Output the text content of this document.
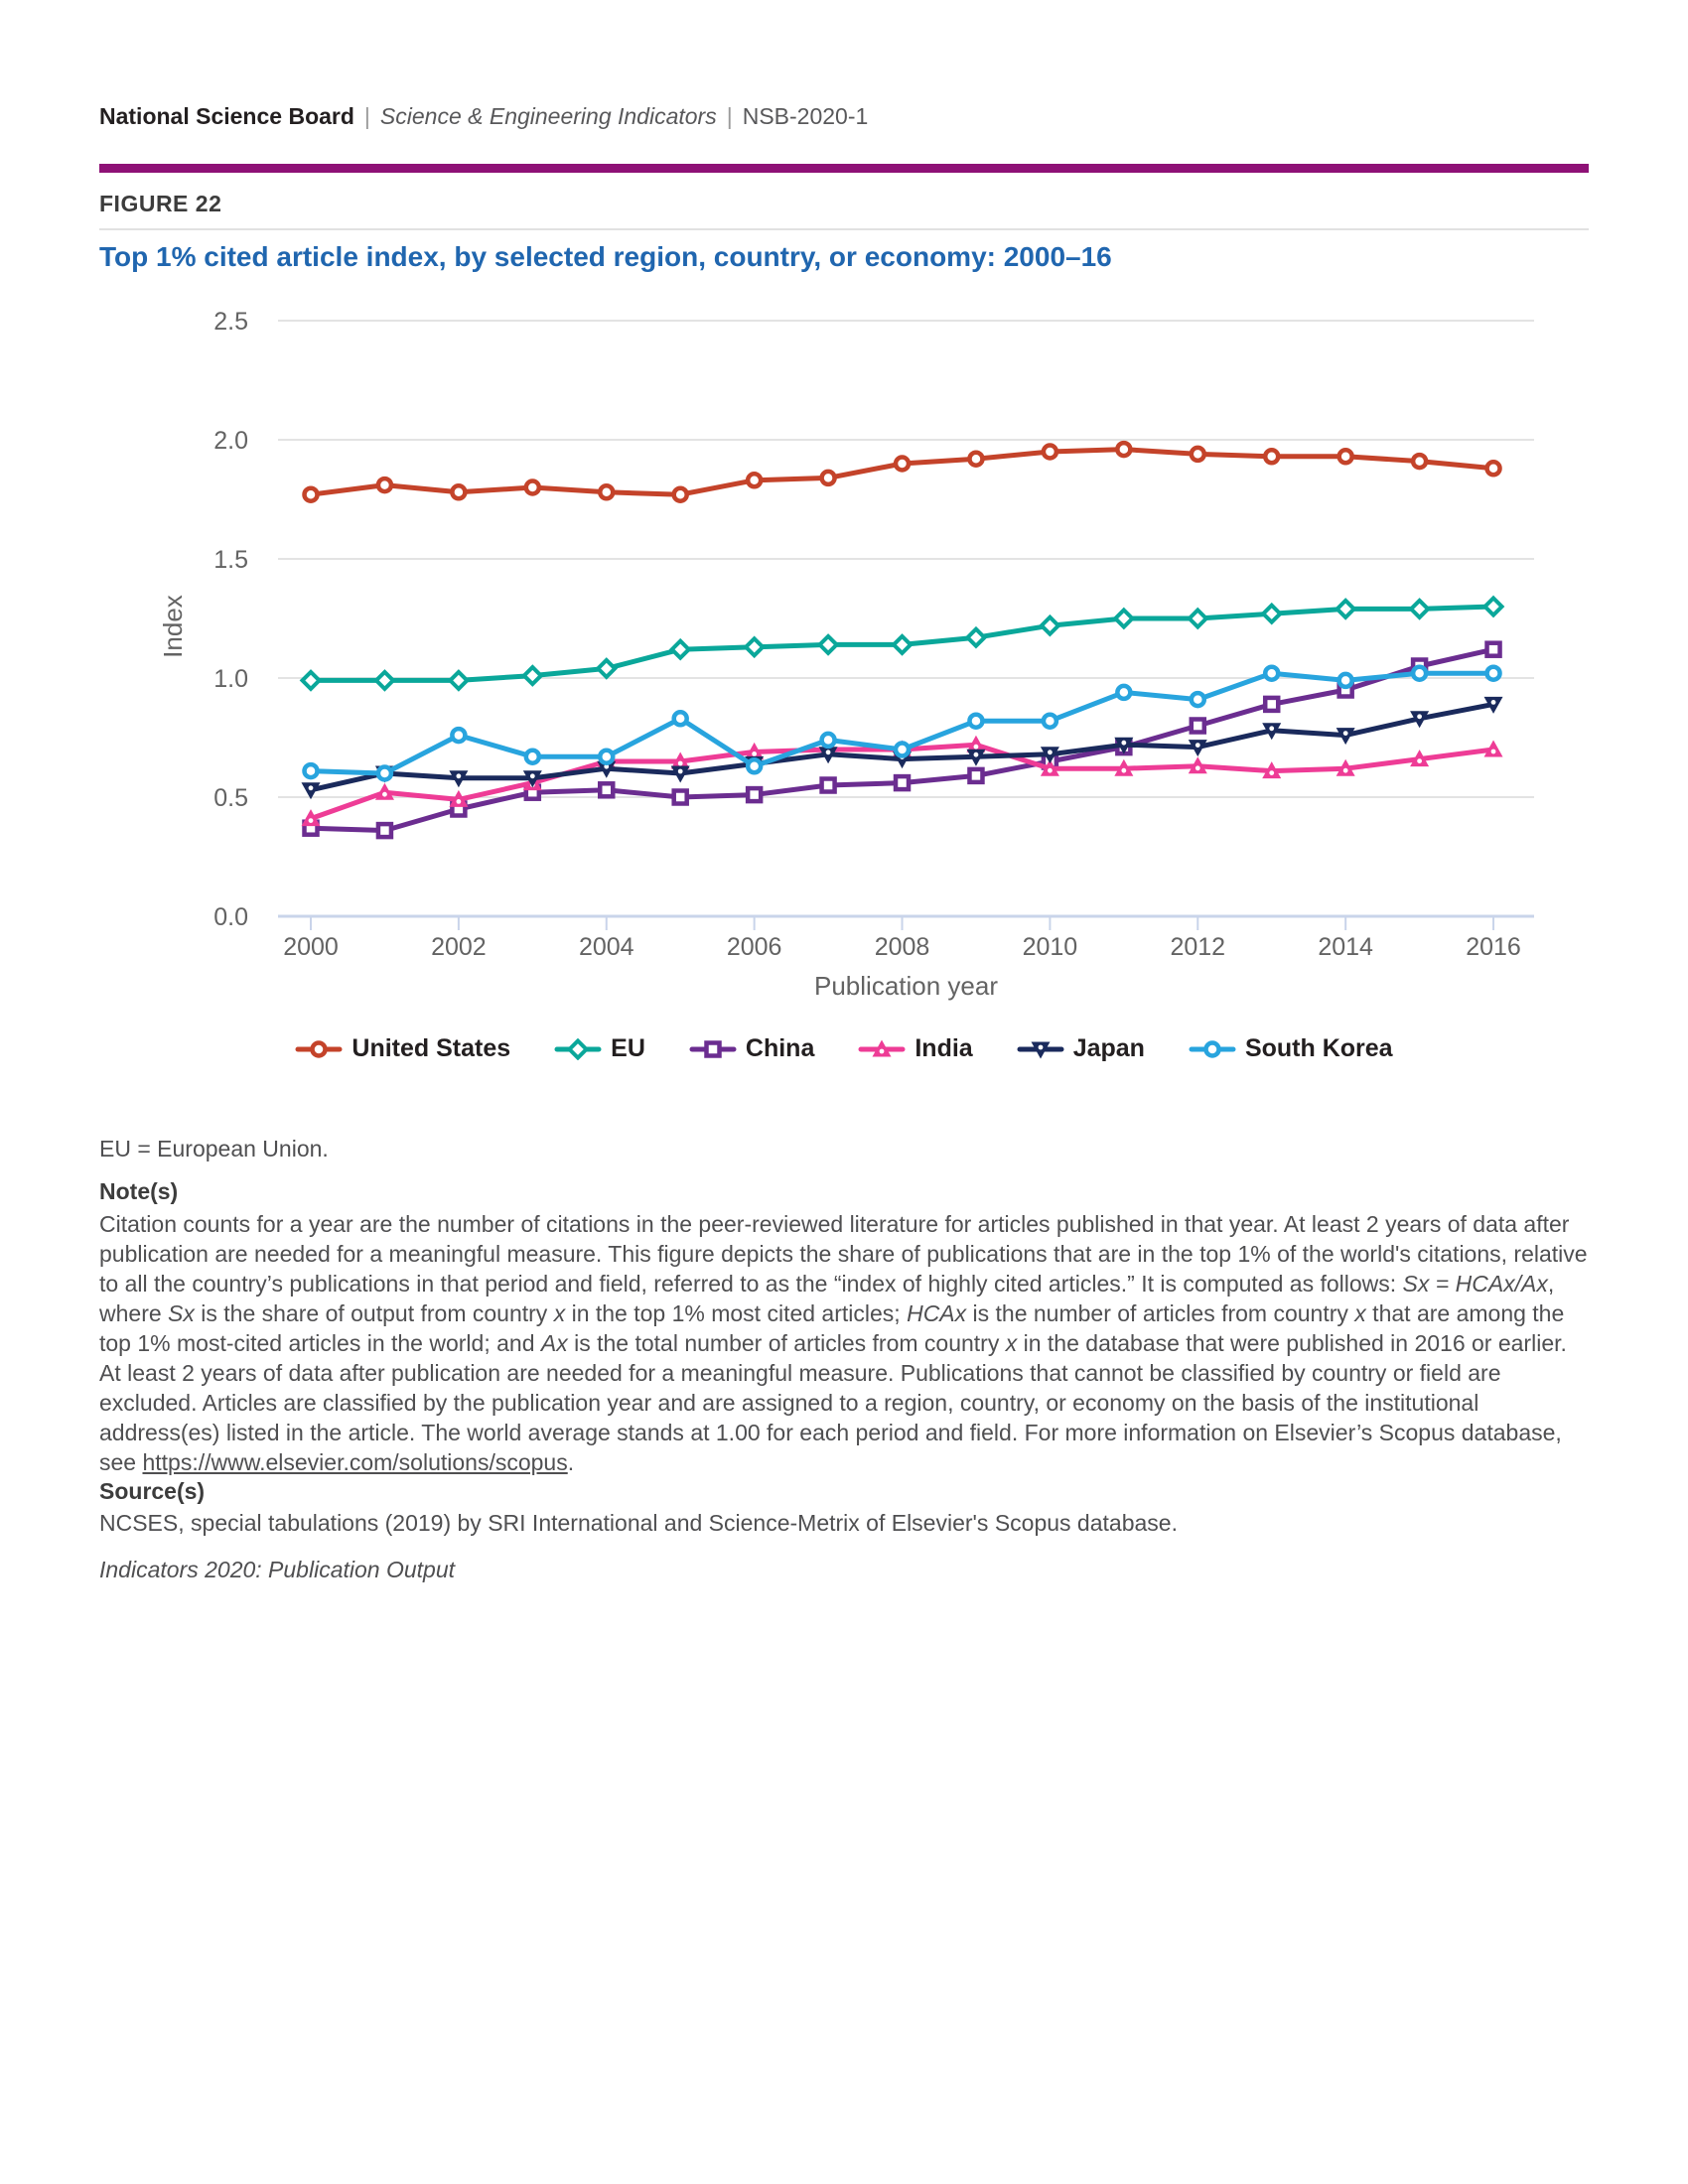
National Science Board | Science & Engineering Indicators | NSB-2020-1
FIGURE 22
Top 1% cited article index, by selected region, country, or economy: 2000–16
0.0
0.5
1.0
1.5
2.0
2.5
2000	2002	2004	2006	2008	2010	2012	2014	2016
Index
Publication year
United States	EU	China	India	Japan	South Korea
EU = European Union.
Note(s)
Citation counts for a year are the number of citations in the peer-reviewed literature for articles published in that year. At least 2 years of data after publication are needed for a meaningful measure. This figure depicts the share of publications that are in the top 1% of the world's citations, relative to all the country’s publications in that period and field, referred to as the “index of highly cited articles.” It is computed as follows: Sx = HCAx/Ax, where Sx is the share of output from country x in the top 1% most cited articles; HCAx is the number of articles from country x that are among the top 1% most-cited articles in the world; and Ax is the total number of articles from country x in the database that were published in 2016 or earlier. At least 2 years of data after publication are needed for a meaningful measure. Publications that cannot be classified by country or field are excluded. Articles are classified by the publication year and are assigned to a region, country, or economy on the basis of the institutional address(es) listed in the article. The world average stands at 1.00 for each period and field. For more information on Elsevier’s Scopus database, see https://www.elsevier.com/solutions/scopus.
Source(s)
NCSES, special tabulations (2019) by SRI International and Science-Metrix of Elsevier's Scopus database.
Indicators 2020: Publication Output
